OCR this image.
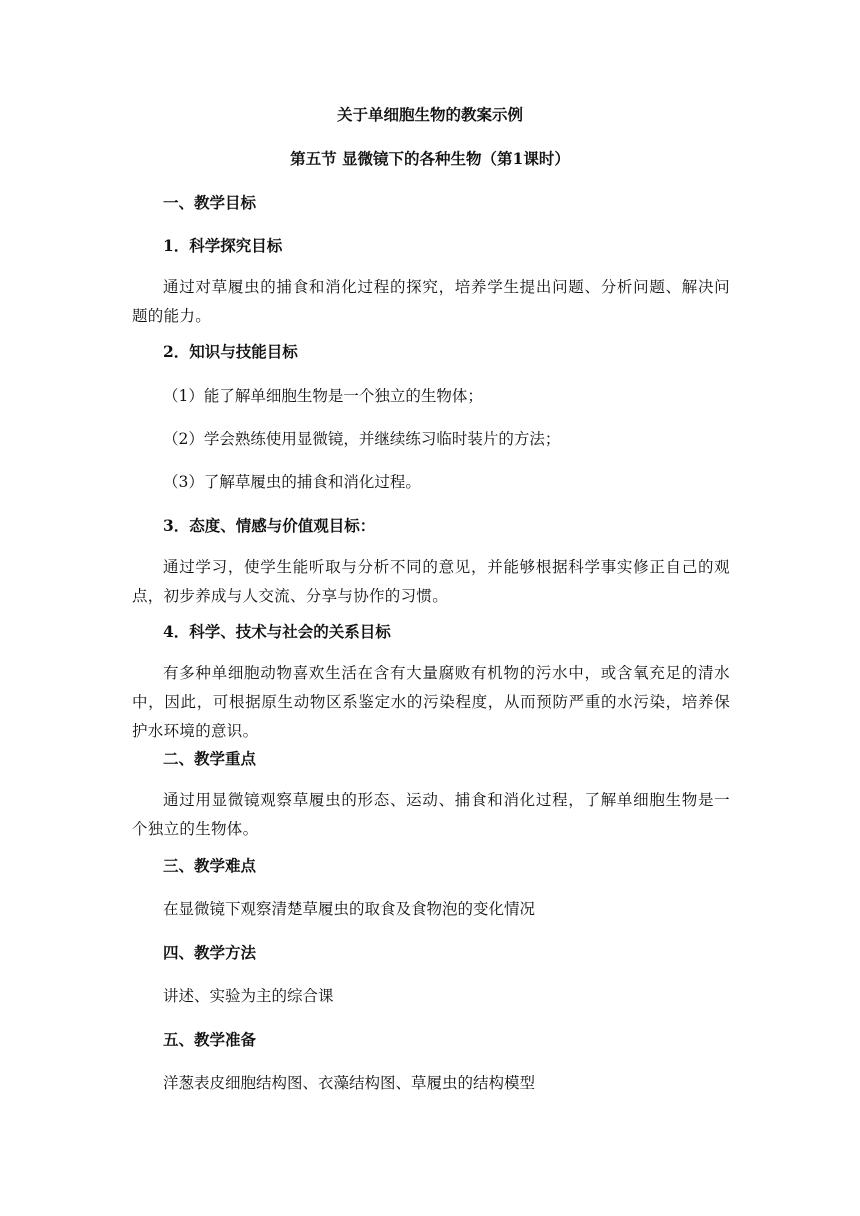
关于单细胞生物的教案示例

第五节 显微镜下的各种生物（第1课时）

一、教学目标

1．科学探究目标

通过对草履虫的捕食和消化过程的探究，培养学生提出问题、分析问题、解决问题的能力。

2．知识与技能目标

（1）能了解单细胞生物是一个独立的生物体；

（2）学会熟练使用显微镜，并继续练习临时装片的方法；

（3）了解草履虫的捕食和消化过程。

3．态度、情感与价值观目标：

通过学习，使学生能听取与分析不同的意见，并能够根据科学事实修正自己的观点，初步养成与人交流、分享与协作的习惯。

4．科学、技术与社会的关系目标

有多种单细胞动物喜欢生活在含有大量腐败有机物的污水中，或含氧充足的清水中，因此，可根据原生动物区系鉴定水的污染程度，从而预防严重的水污染，培养保护水环境的意识。

二、教学重点

通过用显微镜观察草履虫的形态、运动、捕食和消化过程，了解单细胞生物是一个独立的生物体。

三、教学难点

在显微镜下观察清楚草履虫的取食及食物泡的变化情况

四、教学方法

讲述、实验为主的综合课

五、教学准备

洋葱表皮细胞结构图、衣藻结构图、草履虫的结构模型
